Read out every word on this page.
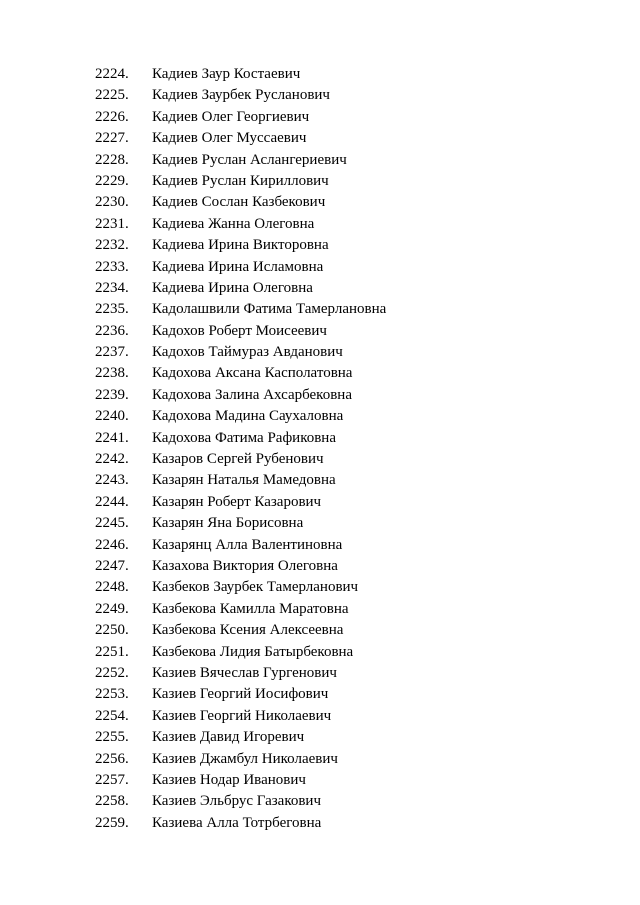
2224.	Кадиев Заур Костаевич
2225.	Кадиев Заурбек Русланович
2226.	Кадиев Олег Георгиевич
2227.	Кадиев Олег Муссаевич
2228.	Кадиев Руслан Аслангериевич
2229.	Кадиев Руслан Кириллович
2230.	Кадиев Сослан Казбекович
2231.	Кадиева Жанна Олеговна
2232.	Кадиева Ирина Викторовна
2233.	Кадиева Ирина Исламовна
2234.	Кадиева Ирина Олеговна
2235.	Кадолашвили Фатима Тамерлановна
2236.	Кадохов Роберт Моисеевич
2237.	Кадохов Таймураз Авданович
2238.	Кадохова Аксана Касполатовна
2239.	Кадохова Залина Ахсарбековна
2240.	Кадохова Мадина Саухаловна
2241.	Кадохова Фатима Рафиковна
2242.	Казаров Сергей Рубенович
2243.	Казарян Наталья Мамедовна
2244.	Казарян Роберт Казарович
2245.	Казарян Яна Борисовна
2246.	Казарянц Алла Валентиновна
2247.	Казахова Виктория Олеговна
2248.	Казбеков Заурбек Тамерланович
2249.	Казбекова Камилла Маратовна
2250.	Казбекова Ксения Алексеевна
2251.	Казбекова Лидия Батырбековна
2252.	Казиев Вячеслав Гургенович
2253.	Казиев Георгий Иосифович
2254.	Казиев Георгий Николаевич
2255.	Казиев Давид Игоревич
2256.	Казиев Джамбул Николаевич
2257.	Казиев Нодар Иванович
2258.	Казиев Эльбрус Газакович
2259.	Казиева Алла Тотрбеговна
